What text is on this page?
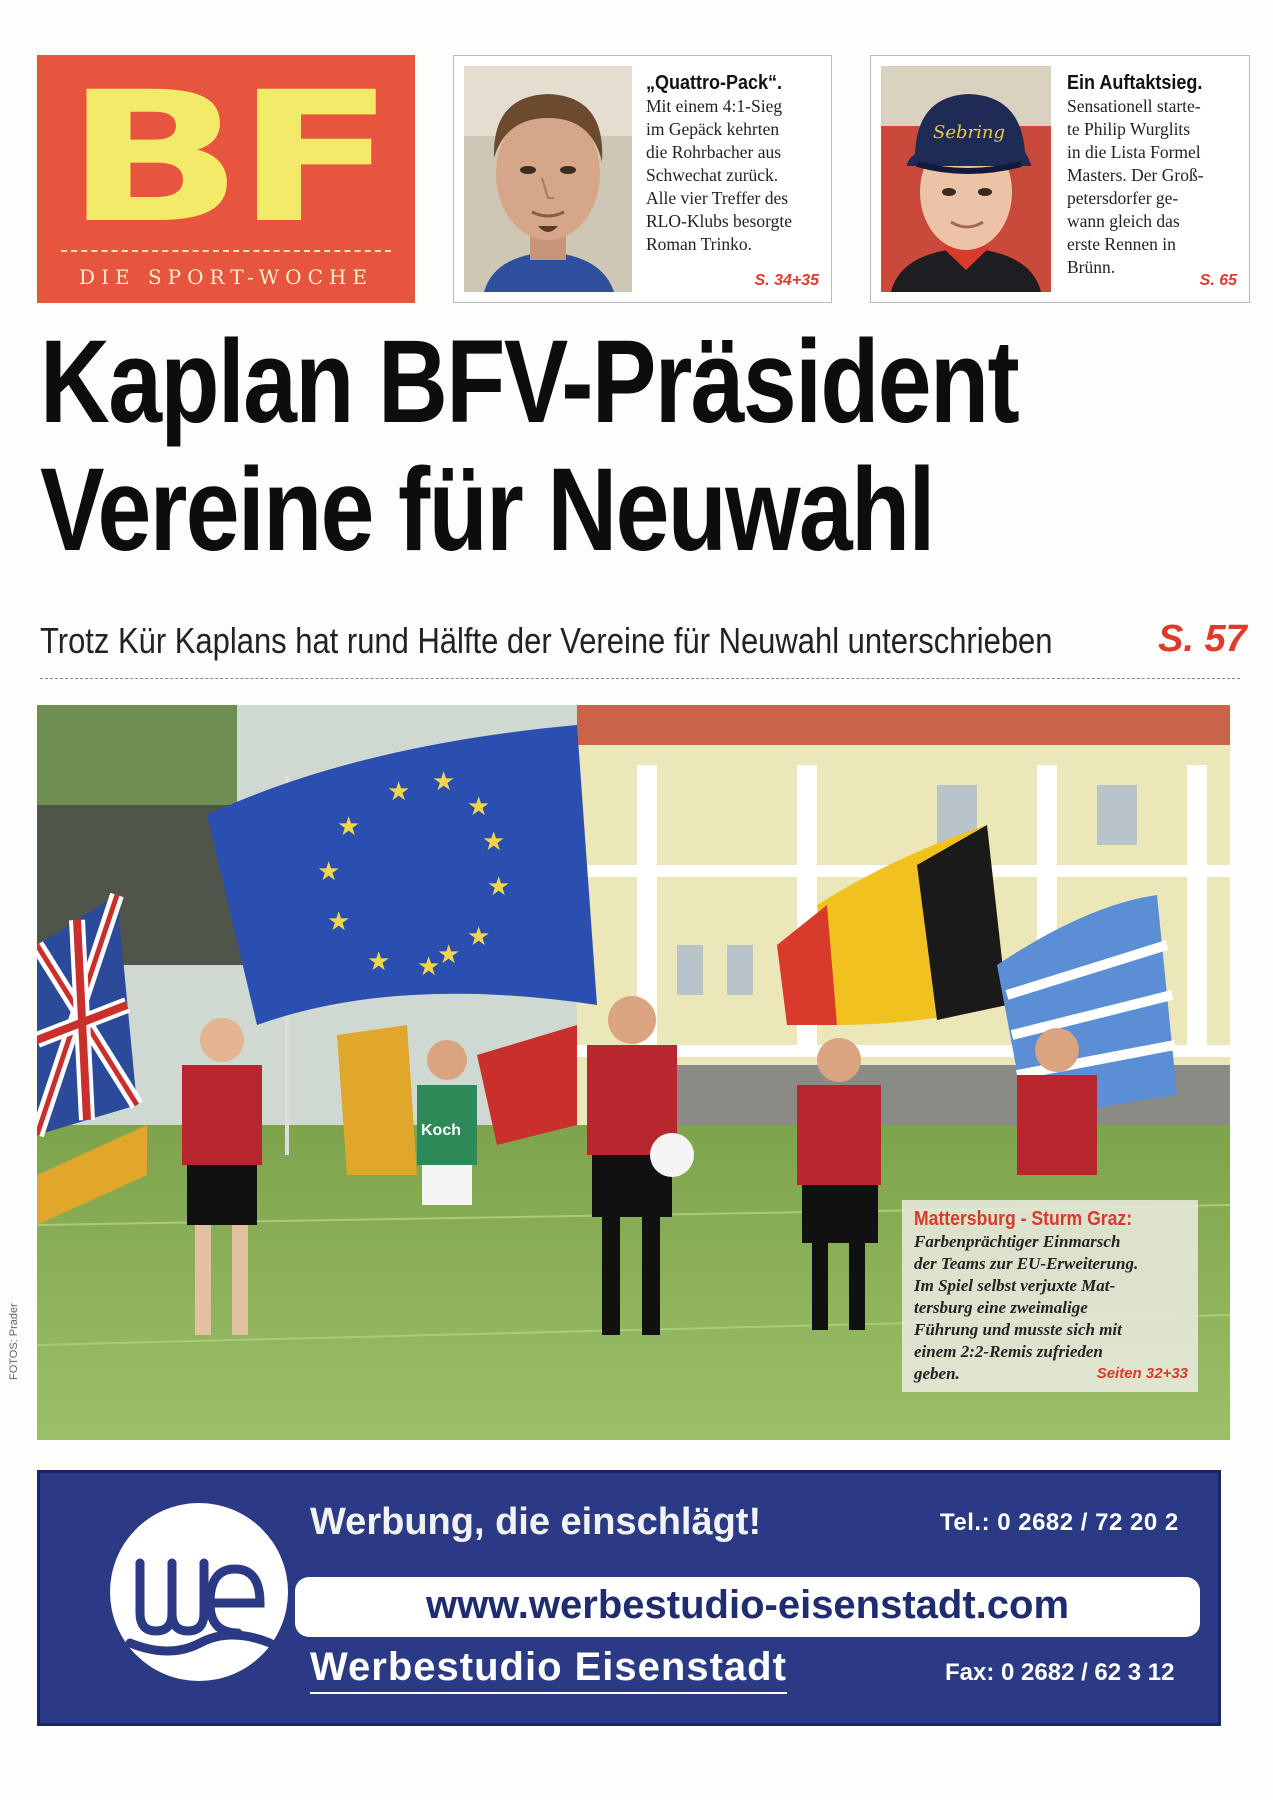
BF
DIE SPORT-WOCHE
„Quattro-Pack“.
Mit einem 4:1-Sieg
im Gepäck kehrten
die Rohrbacher aus
Schwechat zurück.
Alle vier Treffer des
RLO-Klubs besorgte
Roman Trinko.
S. 34+35
Sebring
Ein Auftaktsieg.
Sensationell starte-
te Philip Wurglits
in die Lista Formel
Masters. Der Groß-
petersdorfer ge-
wann gleich das
erste Rennen in
Brünn.
S. 65
Kaplan BFV-Präsident
Vereine für Neuwahl
Trotz Kür Kaplans hat rund Hälfte der Vereine für Neuwahl unterschrieben	S. 57
★ ★
★
★
★
★
★ ★
★
★
★
★
Koch
FOTOS: Prader
Mattersburg - Sturm Graz:
Farbenprächtiger Einmarsch
der Teams zur EU-Erweiterung.
Im Spiel selbst verjuxte Mat-
tersburg eine zweimalige
Führung und musste sich mit
einem 2:2-Remis zufrieden
geben.	Seiten 32+33
Werbung, die einschlägt!	Tel.: 0 2682 / 72 20 2
www.werbestudio-eisenstadt.com
Werbestudio Eisenstadt	Fax: 0 2682 / 62 3 12
